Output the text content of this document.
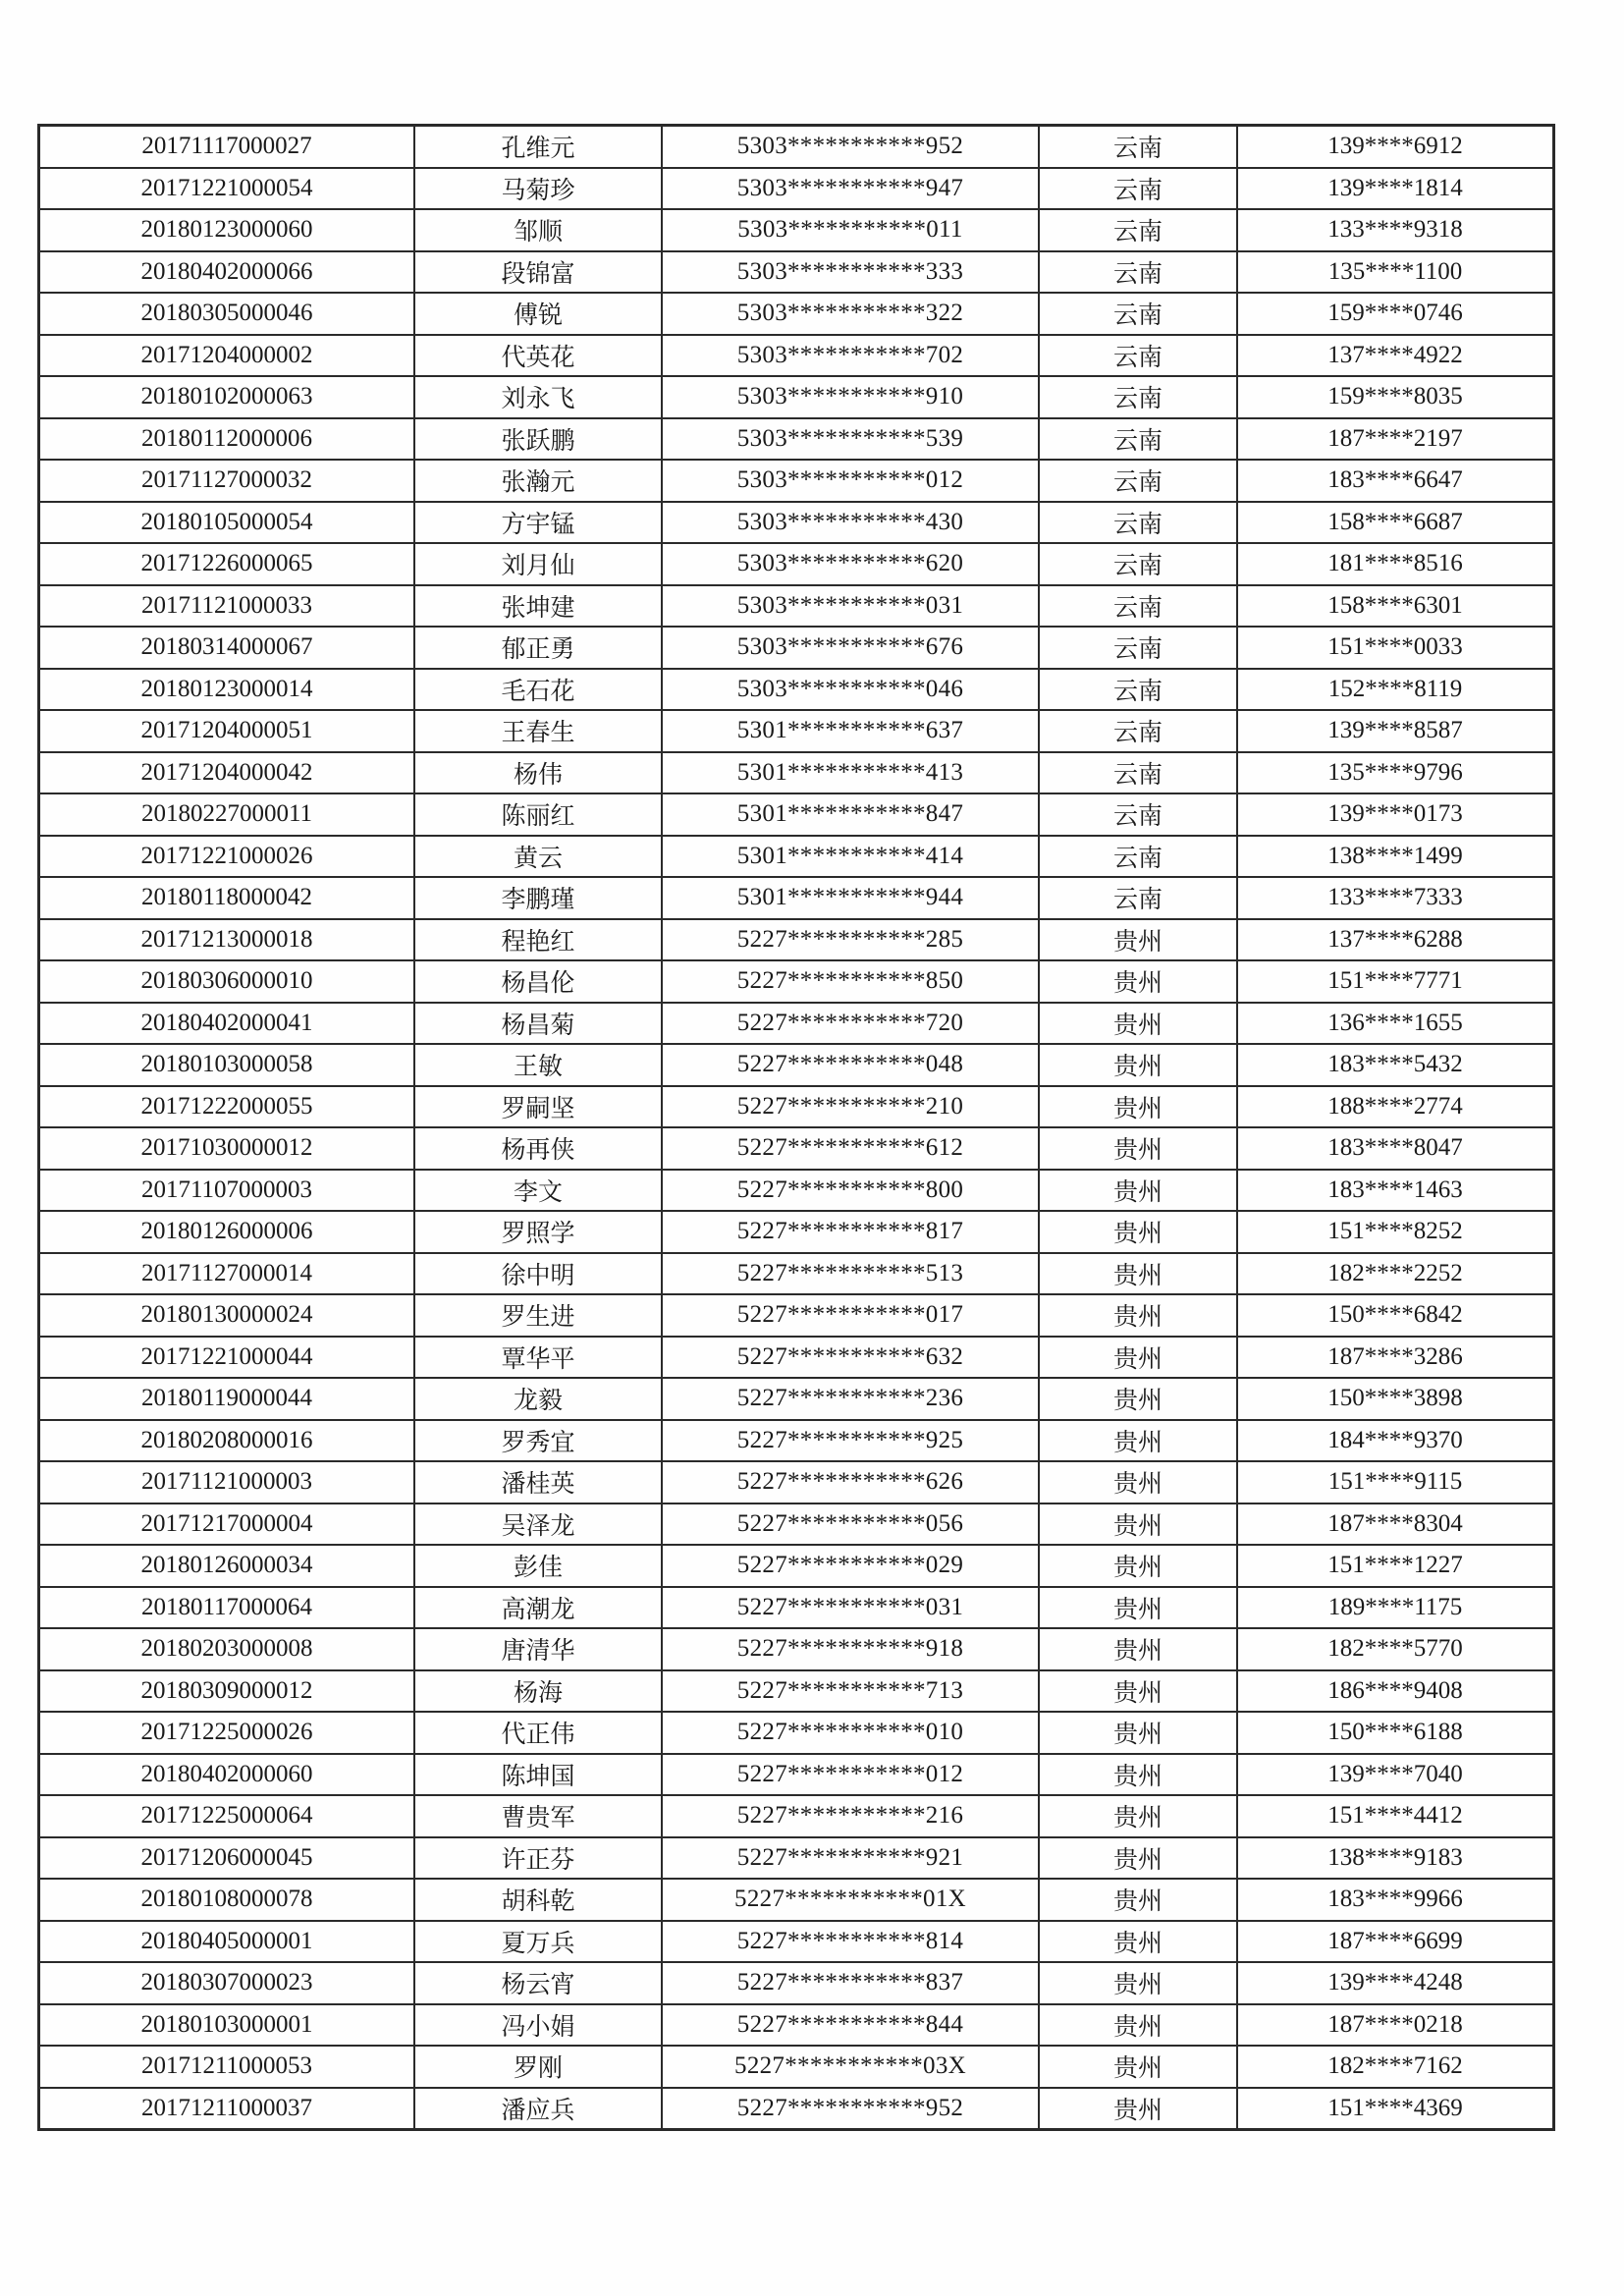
20171117000027	孔维元	5303***********952	云南	139****6912
20171221000054	马菊珍	5303***********947	云南	139****1814
20180123000060	邹顺	5303***********011	云南	133****9318
20180402000066	段锦富	5303***********333	云南	135****1100
20180305000046	傅锐	5303***********322	云南	159****0746
20171204000002	代英花	5303***********702	云南	137****4922
20180102000063	刘永飞	5303***********910	云南	159****8035
20180112000006	张跃鹏	5303***********539	云南	187****2197
20171127000032	张瀚元	5303***********012	云南	183****6647
20180105000054	方宇锰	5303***********430	云南	158****6687
20171226000065	刘月仙	5303***********620	云南	181****8516
20171121000033	张坤建	5303***********031	云南	158****6301
20180314000067	郁正勇	5303***********676	云南	151****0033
20180123000014	毛石花	5303***********046	云南	152****8119
20171204000051	王春生	5301***********637	云南	139****8587
20171204000042	杨伟	5301***********413	云南	135****9796
20180227000011	陈丽红	5301***********847	云南	139****0173
20171221000026	黄云	5301***********414	云南	138****1499
20180118000042	李鹏瑾	5301***********944	云南	133****7333
20171213000018	程艳红	5227***********285	贵州	137****6288
20180306000010	杨昌伦	5227***********850	贵州	151****7771
20180402000041	杨昌菊	5227***********720	贵州	136****1655
20180103000058	王敏	5227***********048	贵州	183****5432
20171222000055	罗嗣坚	5227***********210	贵州	188****2774
20171030000012	杨再侠	5227***********612	贵州	183****8047
20171107000003	李文	5227***********800	贵州	183****1463
20180126000006	罗照学	5227***********817	贵州	151****8252
20171127000014	徐中明	5227***********513	贵州	182****2252
20180130000024	罗生进	5227***********017	贵州	150****6842
20171221000044	覃华平	5227***********632	贵州	187****3286
20180119000044	龙毅	5227***********236	贵州	150****3898
20180208000016	罗秀宜	5227***********925	贵州	184****9370
20171121000003	潘桂英	5227***********626	贵州	151****9115
20171217000004	吴泽龙	5227***********056	贵州	187****8304
20180126000034	彭佳	5227***********029	贵州	151****1227
20180117000064	高潮龙	5227***********031	贵州	189****1175
20180203000008	唐清华	5227***********918	贵州	182****5770
20180309000012	杨海	5227***********713	贵州	186****9408
20171225000026	代正伟	5227***********010	贵州	150****6188
20180402000060	陈坤国	5227***********012	贵州	139****7040
20171225000064	曹贵军	5227***********216	贵州	151****4412
20171206000045	许正芬	5227***********921	贵州	138****9183
20180108000078	胡科乾	5227***********01X	贵州	183****9966
20180405000001	夏万兵	5227***********814	贵州	187****6699
20180307000023	杨云宵	5227***********837	贵州	139****4248
20180103000001	冯小娟	5227***********844	贵州	187****0218
20171211000053	罗刚	5227***********03X	贵州	182****7162
20171211000037	潘应兵	5227***********952	贵州	151****4369
